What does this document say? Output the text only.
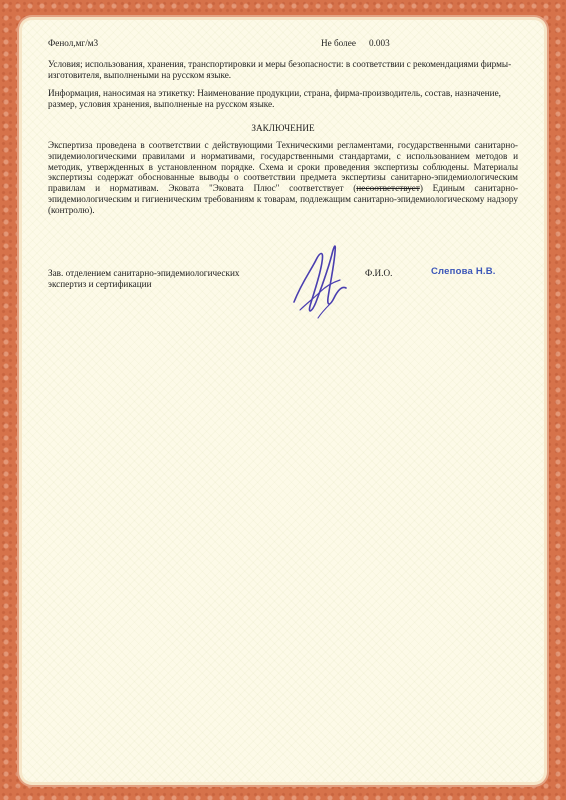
Фенол,мг/м3	Не более 0.003
Условия; использования, хранения, транспортировки и меры безопасности: в соответствии с рекомендациями фирмы-изготовителя, выполнеными на русском языке.
Информация, наносимая на этикетку: Наименование продукции, страна, фирма-производитель, состав, назначение, размер, условия хранения, выполненые на русском языке.
ЗАКЛЮЧЕНИЕ
Экспертиза проведена в соответствии с действующими Техническими регламентами, государственными санитарно-эпидемиологическими правилами и нормативами, государственными стандартами, с использованием методов и методик, утвержденных в установленном порядке. Схема и сроки проведения экспертизы соблюдены. Материалы экспертизы содержат обоснованные выводы о соответствии предмета экспертизы санитарно-эпидемиологическим правилам и нормативам. Эковата "Эковата Плюс" соответствует (несоответствует) Единым санитарно-эпидемиологическим и гигиеническим требованиям к товарам, подлежащим санитарно-эпидемиологическому надзору (контролю).
Зав. отделением санитарно-эпидемиологических экспертиз и сертификации
Ф.И.О.	Слепова Н.В.
